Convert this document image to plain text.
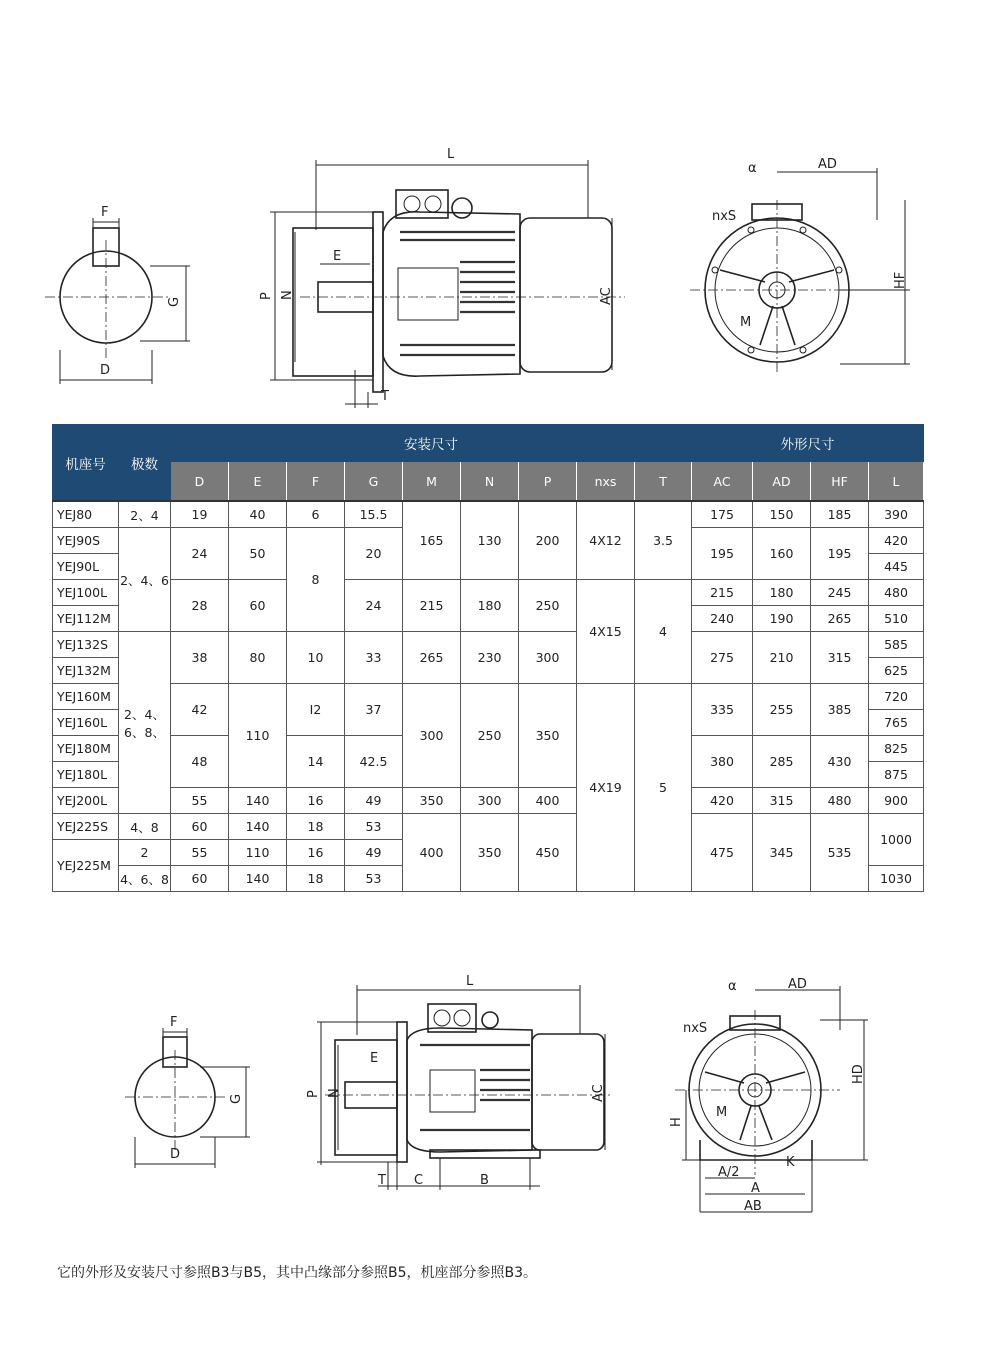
F
G
D
L
E
P N	AC
T
α	AD
nxS
M
HF
机座号	极数	安装尺寸									外形尺寸			
		D	E	F	G	M	N	P	nxs	T	AC	AD	HF	L
YEJ80	2、4	19	40	6	15.5	165	130	200	4X12	3.5	175	150	185	390
YEJ90S	2、4、6	24	50	8	20						195	160	195	420
YEJ90L														445
YEJ100L		28	60		24	215	180	250	4X15	4	215	180	245	480
YEJ112M											240	190	265	510
YEJ132S	2、4、6、8、	38	80	10	33	265	230	300			275	210	315	585
YEJ132M														625
YEJ160M		42	110	I2	37	300	250	350	4X19	5	335	255	385	720
YEJ160L														765
YEJ180M		48		14	42.5						380	285	430	825
YEJ180L														875
YEJ200L		55	140	16	49	350	300	400			420	315	480	900
YEJ225S	4、8	60	140	18	53	400	350	450			475	345	535	1000
YEJ225M	2	55	110	16	49									
	4、6、8	60	140	18	53									1030
F
G
D
L
E
P N	AC
T C	B
α	AD
nxS
M
HD
H
A/2
K
A
AB
它的外形及安装尺寸参照B3与B5，其中凸缘部分参照B5，机座部分参照B3。
